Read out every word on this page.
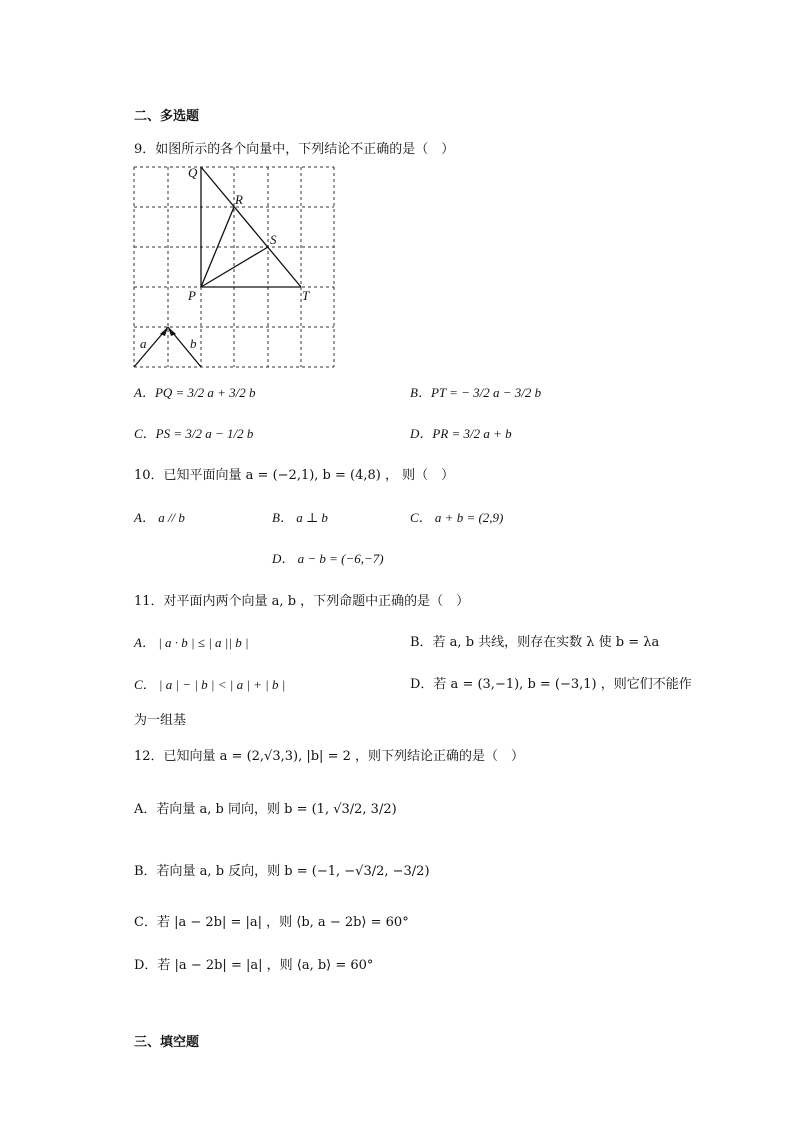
二、多选题
9．如图所示的各个向量中，下列结论不正确的是（　）
Q
R
S
P	T
a	b
A．PQ = 3/2 a + 3/2 b	B．PT = − 3/2 a − 3/2 b
C．PS = 3/2 a − 1/2 b	D．PR = 3/2 a + b
10．已知平面向量 a = (−2,1), b = (4,8) ， 则（　）
A． a // b	B． a ⊥ b	C． a + b = (2,9)
D． a − b = (−6,−7)
11．对平面内两个向量 a, b ，下列命题中正确的是（　）
A． | a · b | ≤ | a || b |	B．若 a, b 共线，则存在实数 λ 使 b = λa
C． | a | − | b | < | a | + | b |	D．若 a = (3,−1), b = (−3,1) ，则它们不能作
为一组基
12．已知向量 a = (2,√3,3), |b| = 2 ，则下列结论正确的是（　）
A．若向量 a, b 同向，则 b = (1, √3/2, 3/2)
B．若向量 a, b 反向，则 b = (−1, −√3/2, −3/2)
C．若 |a − 2b| = |a| ，则 ⟨b, a − 2b⟩ = 60°
D．若 |a − 2b| = |a| ，则 ⟨a, b⟩ = 60°
三、填空题
